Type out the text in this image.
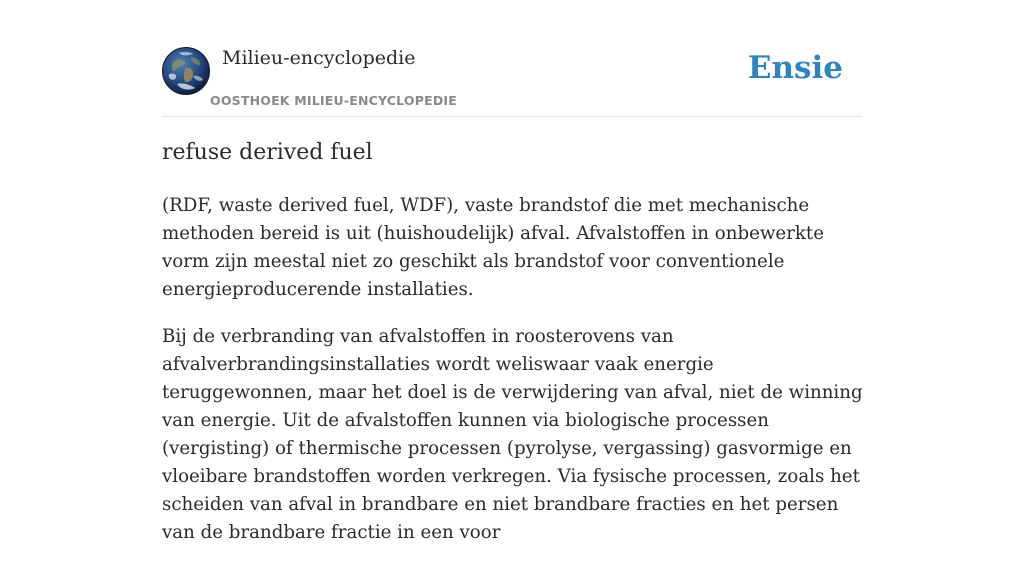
Milieu-encyclopedie
OOSTHOEK MILIEU-ENCYCLOPEDIE
Ensie
refuse derived fuel

(RDF, waste derived fuel, WDF), vaste brandstof die met mechanische methoden bereid is uit (huishoudelijk) afval. Afvalstoffen in onbewerkte vorm zijn meestal niet zo geschikt als brandstof voor conventionele energieproducerende installaties.

Bij de verbranding van afvalstoffen in roosterovens van afvalverbrandingsinstallaties wordt weliswaar vaak energie teruggewonnen, maar het doel is de verwijdering van afval, niet de winning van energie. Uit de afvalstoffen kunnen via biologische processen (vergisting) of thermische processen (pyrolyse, vergassing) gasvormige en vloeibare brandstoffen worden verkregen. Via fysische processen, zoals het scheiden van afval in brandbare en niet brandbare fracties en het persen van de brandbare fractie in een voor
